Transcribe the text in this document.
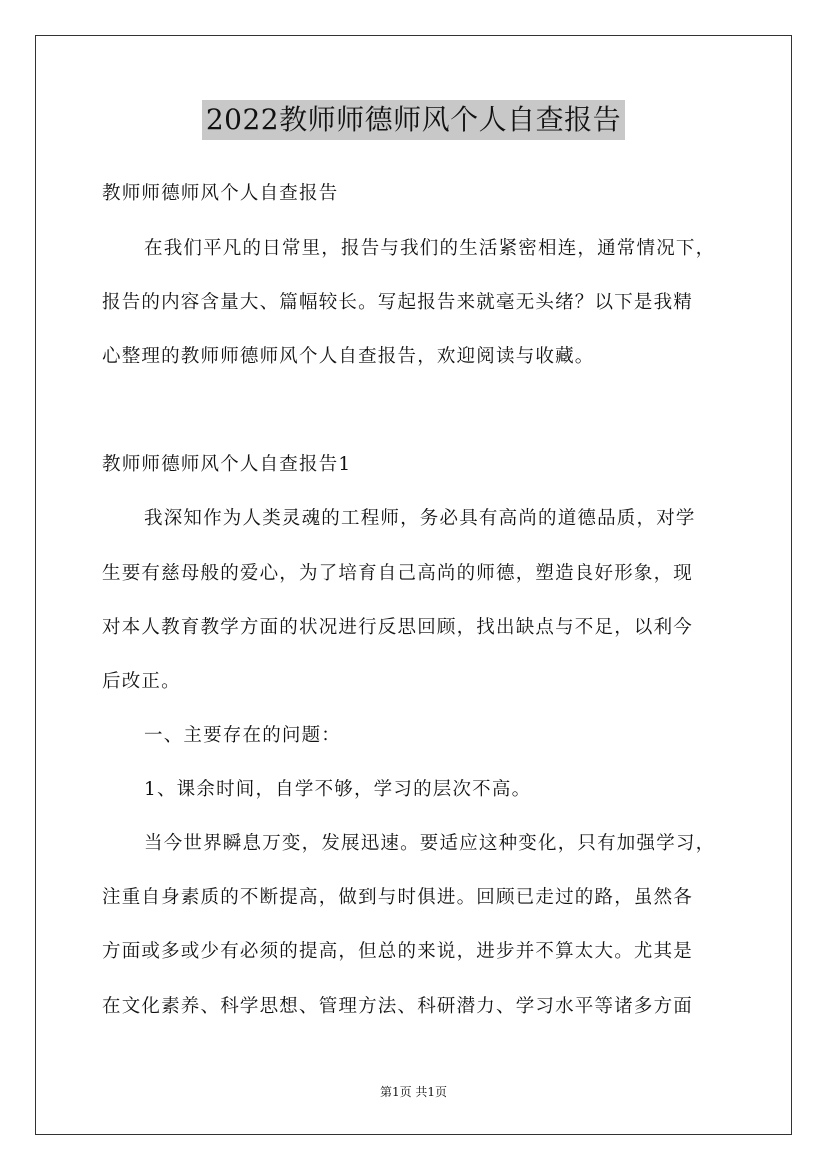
2022教师师德师风个人自查报告
教师师德师风个人自查报告
在我们平凡的日常里，报告与我们的生活紧密相连，通常情况下，
报告的内容含量大、篇幅较长。写起报告来就毫无头绪？以下是我精
心整理的教师师德师风个人自查报告，欢迎阅读与收藏。
教师师德师风个人自查报告1
我深知作为人类灵魂的工程师，务必具有高尚的道德品质，对学
生要有慈母般的爱心，为了培育自己高尚的师德，塑造良好形象，现
对本人教育教学方面的状况进行反思回顾，找出缺点与不足，以利今
后改正。
一、主要存在的问题：
1、课余时间，自学不够，学习的层次不高。
当今世界瞬息万变，发展迅速。要适应这种变化，只有加强学习，
注重自身素质的不断提高，做到与时俱进。回顾已走过的路，虽然各
方面或多或少有必须的提高，但总的来说，进步并不算太大。尤其是
在文化素养、科学思想、管理方法、科研潜力、学习水平等诸多方面
第1页 共1页
